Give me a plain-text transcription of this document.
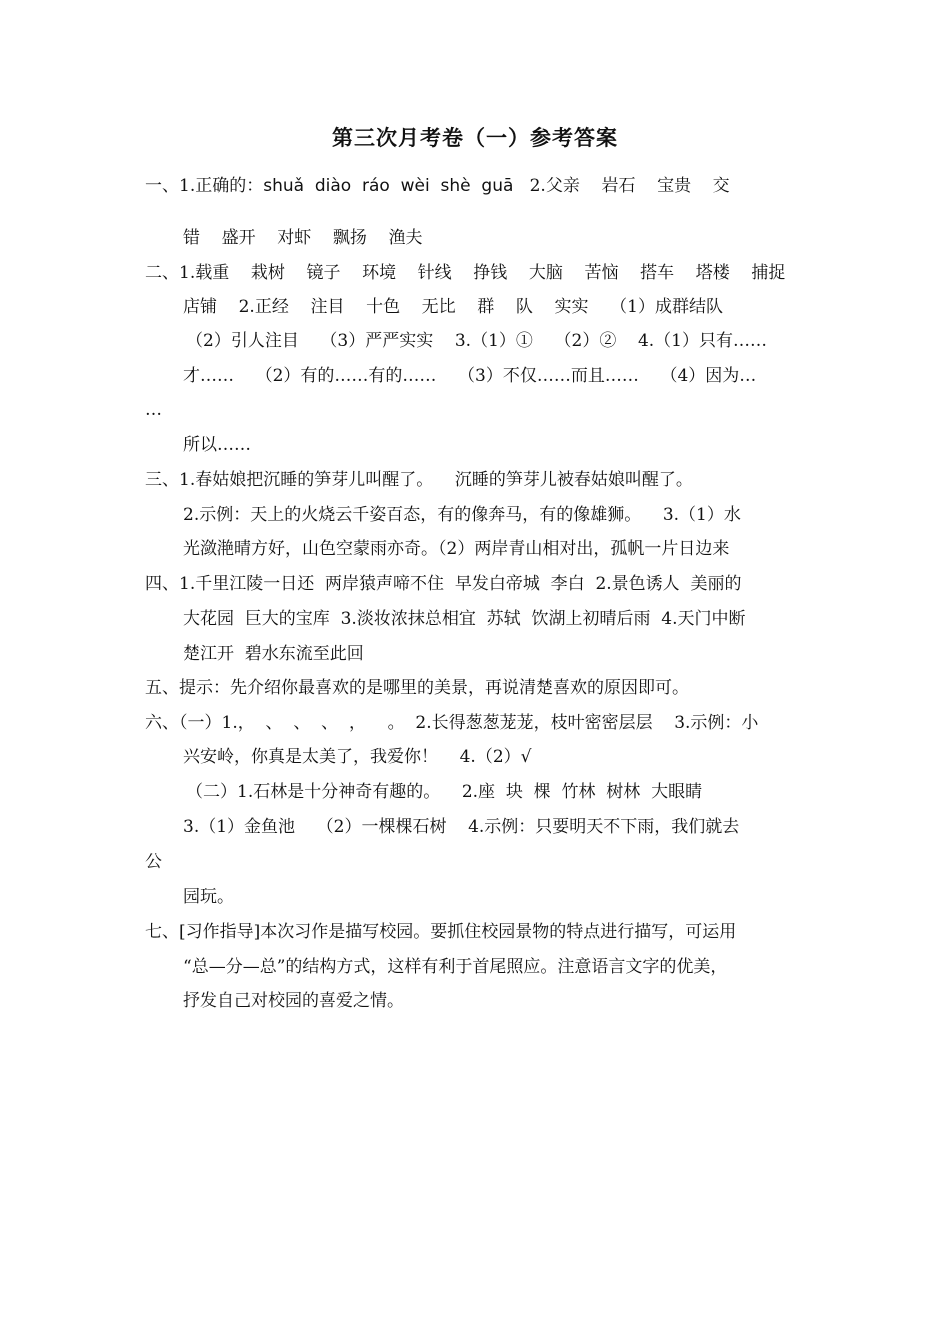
第三次月考卷（一）参考答案
一、1.正确的：shuǎ  diào  ráo  wèi  shè  guā   2.父亲    岩石    宝贵    交
错    盛开    对虾    飘扬    渔夫
二、1.载重    栽树    镜子    环境    针线    挣钱    大脑    苦恼    搭车    塔楼    捕捉
店铺    2.正经    注目    十色    无比    群    队    实实    （1）成群结队
（2）引人注目    （3）严严实实    3.（1）①    （2）②    4.（1）只有……
才……    （2）有的……有的……    （3）不仅……而且……    （4）因为…
…
所以……
三、1.春姑娘把沉睡的笋芽儿叫醒了。    沉睡的笋芽儿被春姑娘叫醒了。
2.示例：天上的火烧云千姿百态，有的像奔马，有的像雄狮。    3.（1）水
光潋滟晴方好，山色空蒙雨亦奇。（2）两岸青山相对出，孤帆一片日边来
四、1.千里江陵一日还  两岸猿声啼不住  早发白帝城  李白  2.景色诱人  美丽的
大花园  巨大的宝库  3.淡妆浓抹总相宜  苏轼  饮湖上初晴后雨  4.天门中断
楚江开  碧水东流至此回
五、提示：先介绍你最喜欢的是哪里的美景，再说清楚喜欢的原因即可。
六、（一）1.，  、  、  、  ，    。  2.长得葱葱茏茏，枝叶密密层层    3.示例：小
兴安岭，你真是太美了，我爱你！    4.（2）√
（二）1.石林是十分神奇有趣的。    2.座  块  棵  竹林  树林  大眼睛
3.（1）金鱼池    （2）一棵棵石树    4.示例：只要明天不下雨，我们就去
公
园玩。
七、[习作指导]本次习作是描写校园。要抓住校园景物的特点进行描写，可运用
“总—分—总”的结构方式，这样有利于首尾照应。注意语言文字的优美，
抒发自己对校园的喜爱之情。
